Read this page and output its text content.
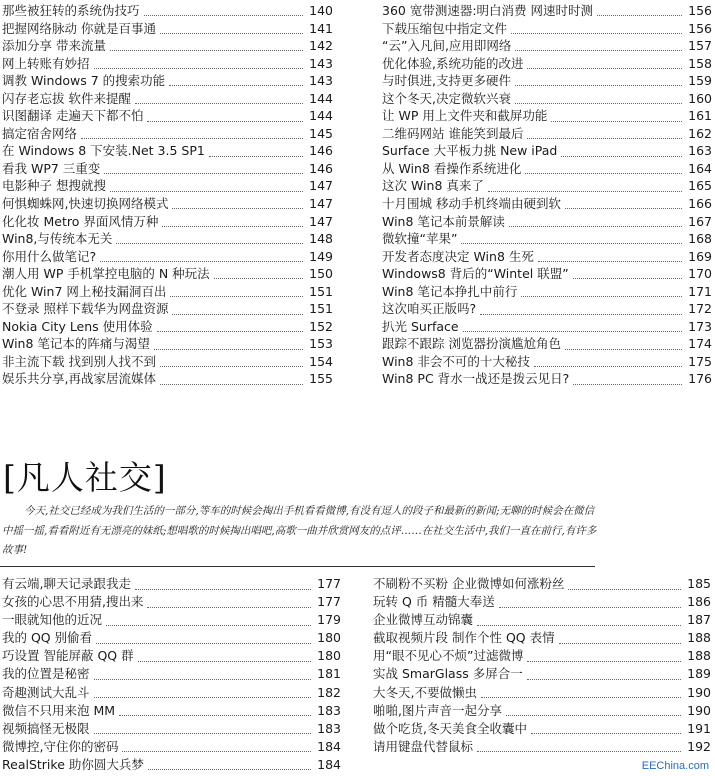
那些被狂转的系统伪技巧	140
把握网络脉动 你就是百事通	141
添加分享 带来流量	142
网上转账有妙招	143
调教 Windows 7 的搜索功能	143
闪存老忘拔 软件来提醒	144
识图翻译 走遍天下都不怕	144
搞定宿舍网络	145
在 Windows 8 下安装.Net 3.5 SP1	146
看我 WP7 三重变	146
电影种子 想搜就搜	147
何惧蜘蛛网,快速切换网络模式	147
化化妆 Metro 界面风情万种	147
Win8,与传统本无关	148
你用什么做笔记?	149
潮人用 WP 手机掌控电脑的 N 种玩法	150
优化 Win7 网上秘技漏洞百出	151
不登录 照样下载华为网盘资源	151
Nokia City Lens 使用体验	152
Win8 笔记本的阵痛与渴望	153
非主流下载 找到别人找不到	154
娱乐共分享,再战家居流媒体	155
360 宽带测速器:明白消费 网速时时测	156
下载压缩包中指定文件	156
“云”入凡间,应用即网络	157
优化体验,系统功能的改进	158
与时俱进,支持更多硬件	159
这个冬天,决定微软兴衰	160
让 WP 用上文件夹和截屏功能	161
二维码网站 谁能笑到最后	162
Surface 大平板力挑 New iPad	163
从 Win8 看操作系统进化	164
这次 Win8 真来了	165
十月围城 移动手机终端由硬到软	166
Win8 笔记本前景解读	167
微软撞“苹果”	168
开发者态度决定 Win8 生死	169
Windows8 背后的“Wintel 联盟”	170
Win8 笔记本挣扎中前行	171
这次咱买正版吗?	172
扒光 Surface	173
跟踪不跟踪 浏览器扮演尴尬角色	174
Win8 非会不可的十大秘技	175
Win8 PC 背水一战还是拨云见日?	176
[凡人社交]
今天,社交已经成为我们生活的一部分,等车的时候会掏出手机看看微博,有没有逗人的段子和最新的新闻;无聊的时候会在微信中摇一摇,看看附近有无漂亮的妹纸;想唱歌的时候掏出唱吧,高歌一曲并欣赏网友的点评……在社交生活中,我们一直在前行,有许多故事!
有云端,聊天记录跟我走	177
女孩的心思不用猜,搜出来	177
一眼就知他的近况	179
我的 QQ 别偷看	180
巧设置 智能屏蔽 QQ 群	180
我的位置是秘密	181
奇趣测试大乱斗	182
微信不只用来泡 MM	183
视频搞怪无极限	183
微博控,守住你的密码	184
RealStrike 助你圆大兵梦	184
不刷粉不买粉 企业微博如何涨粉丝	185
玩转 Q 币 精髓大奉送	186
企业微博互动锦囊	187
截取视频片段 制作个性 QQ 表情	188
用“眼不见心不烦”过滤微博	188
实战 SmarGlass 多屏合一	189
大冬天,不要做懒虫	190
啪啪,图片声音一起分享	190
做个吃货,冬天美食全收囊中	191
请用键盘代替鼠标	192
EEChina.com
